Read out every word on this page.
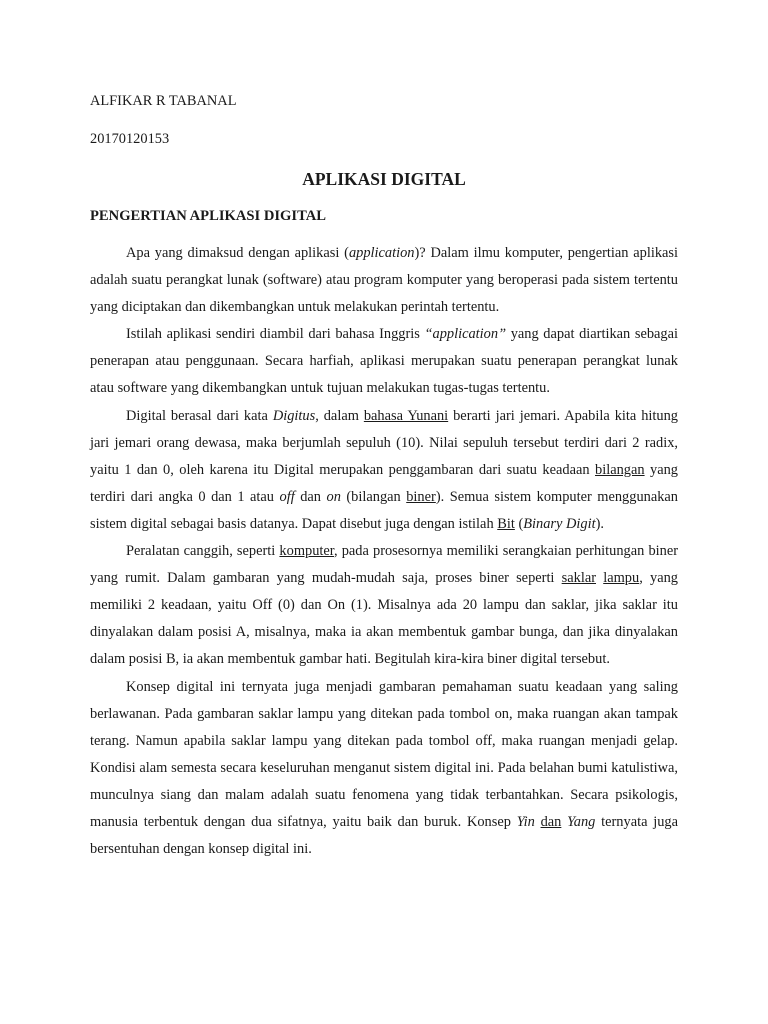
ALFIKAR R TABANAL

20170120153

APLIKASI DIGITAL
PENGERTIAN APLIKASI DIGITAL

Apa yang dimaksud dengan aplikasi (application)? Dalam ilmu komputer, pengertian aplikasi adalah suatu perangkat lunak (software) atau program komputer yang beroperasi pada sistem tertentu yang diciptakan dan dikembangkan untuk melakukan perintah tertentu.

Istilah aplikasi sendiri diambil dari bahasa Inggris “application” yang dapat diartikan sebagai penerapan atau penggunaan. Secara harfiah, aplikasi merupakan suatu penerapan perangkat lunak atau software yang dikembangkan untuk tujuan melakukan tugas-tugas tertentu.

Digital berasal dari kata Digitus, dalam bahasa Yunani berarti jari jemari. Apabila kita hitung jari jemari orang dewasa, maka berjumlah sepuluh (10). Nilai sepuluh tersebut terdiri dari 2 radix, yaitu 1 dan 0, oleh karena itu Digital merupakan penggambaran dari suatu keadaan bilangan yang terdiri dari angka 0 dan 1 atau off dan on (bilangan biner). Semua sistem komputer menggunakan sistem digital sebagai basis datanya. Dapat disebut juga dengan istilah Bit (Binary Digit).

Peralatan canggih, seperti komputer, pada prosesornya memiliki serangkaian perhitungan biner yang rumit. Dalam gambaran yang mudah-mudah saja, proses biner seperti saklar lampu, yang memiliki 2 keadaan, yaitu Off (0) dan On (1). Misalnya ada 20 lampu dan saklar, jika saklar itu dinyalakan dalam posisi A, misalnya, maka ia akan membentuk gambar bunga, dan jika dinyalakan dalam posisi B, ia akan membentuk gambar hati. Begitulah kira-kira biner digital tersebut.

Konsep digital ini ternyata juga menjadi gambaran pemahaman suatu keadaan yang saling berlawanan. Pada gambaran saklar lampu yang ditekan pada tombol on, maka ruangan akan tampak terang. Namun apabila saklar lampu yang ditekan pada tombol off, maka ruangan menjadi gelap. Kondisi alam semesta secara keseluruhan menganut sistem digital ini. Pada belahan bumi katulistiwa, munculnya siang dan malam adalah suatu fenomena yang tidak terbantahkan. Secara psikologis, manusia terbentuk dengan dua sifatnya, yaitu baik dan buruk. Konsep Yin dan Yang ternyata juga bersentuhan dengan konsep digital ini.
